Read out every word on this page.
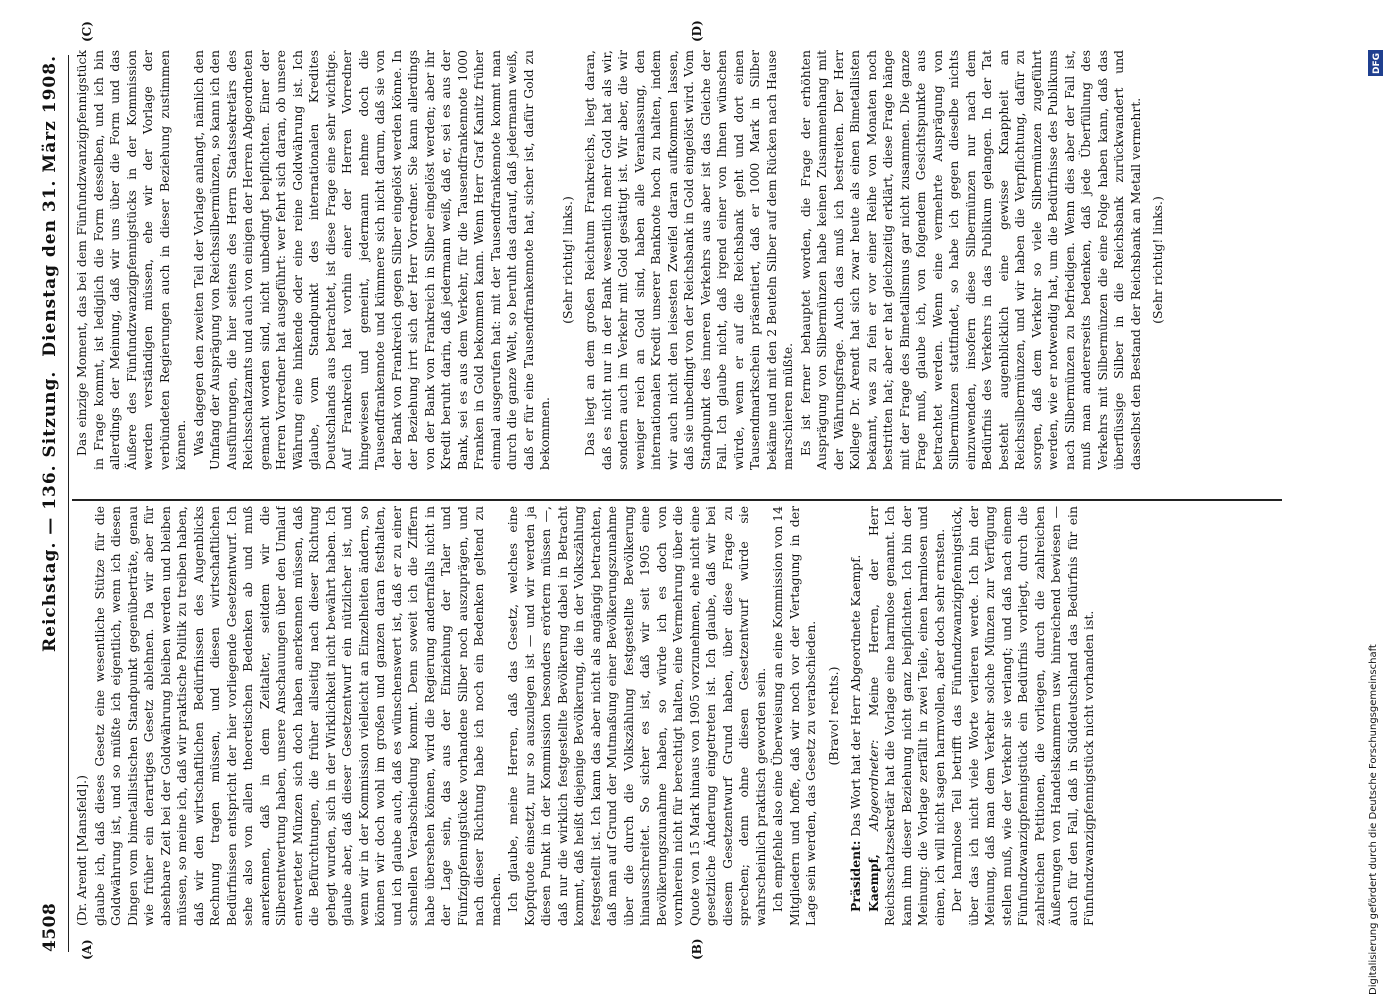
4508
Reichstag. — 136. Sitzung.
Dienstag den 31. März 1908.
(A)	(B)
(C)	(D)

(Dr. Arendt [Mansfeld].) glaube ich, daß dieses Gesetz eine wesentliche Stütze für die Goldwährung ist, und so müßte ich eigentlich, wenn ich diesen Dingen vom bimetallistischen Standpunkt gegenüberträte, genau wie früher ein derartiges Gesetz ablehnen. Da wir aber für absehbare Zeit bei der Goldwährung bleiben werden und bleiben müssen, so meine ich, daß wir praktische Politik zu treiben haben, daß wir den wirtschaftlichen Bedürfnissen des Augenblicks Rechnung tragen müssen, und diesen wirtschaftlichen Bedürfnissen entspricht der hier vorliegende Gesetzentwurf. Ich sehe also von allen theoretischen Bedenken ab und muß anerkennen, daß in dem Zeitalter, seitdem wir die Silberentwertung haben, unsere Anschauungen über den Umlauf entwerteter Münzen sich doch haben anerkennen müssen, daß die Befürchtungen, die früher allseitig nach dieser Richtung gehegt wurden, sich in der Wirklichkeit nicht bewährt haben. Ich glaube aber, daß dieser Gesetzentwurf ein nützlicher ist, und wenn wir in der Kommission vielleicht an Einzelheiten ändern, so können wir doch wohl im großen und ganzen daran festhalten, und ich glaube auch, daß es wünschenswert ist, daß er zu einer schnellen Verabschiedung kommt. Denn soweit ich die Ziffern habe übersehen können, wird die Regierung andernfalls nicht in der Lage sein, das aus der Einziehung der Taler und Fünfzigpfennigstücke vorhandene Silber noch auszuprägen, und nach dieser Richtung habe ich noch ein Bedenken geltend zu machen. Ich glaube, meine Herren, daß das Gesetz, welches eine Kopfquote einsetzt, nur so auszulegen ist — und wir werden ja diesen Punkt in der Kommission besonders erörtern müssen —, daß nur die wirklich festgestellte Bevölkerung dabei in Betracht kommt, daß heißt diejenige Bevölkerung, die in der Volkszählung festgestellt ist. Ich kann das aber nicht als angängig betrachten, daß man auf Grund der Mutmaßung einer Bevölkerungszunahme über die durch die Volkszählung festgestellte Bevölkerung hinausschreitet. So sicher es ist, daß wir seit 1905 eine Bevölkerungszunahme haben, so würde ich es doch von vornherein nicht für berechtigt halten, eine Vermehrung über die Quote von 15 Mark hinaus von 1905 vorzunehmen, ehe nicht eine gesetzliche Änderung eingetreten ist. Ich glaube, daß wir bei diesem Gesetzentwurf Grund haben, über diese Frage zu sprechen; denn ohne diesen Gesetzentwurf würde sie wahrscheinlich praktisch geworden sein. Ich empfehle also eine Überweisung an eine Kommission von 14 Mitgliedern und hoffe, daß wir noch vor der Vertagung in der Lage sein werden, das Gesetz zu verabschieden. (Bravo! rechts.)

Präsident: Das Wort hat der Herr Abgeordnete Kaempf.

Kaempf, Abgeordneter: Meine Herren, der Herr Reichsschatzsekretär hat die Vorlage eine harmlose genannt. Ich kann ihm dieser Beziehung nicht ganz beipflichten. Ich bin der Meinung: die Vorlage zerfällt in zwei Teile, einen harmlosen und einen, ich will nicht sagen harmvollen, aber doch sehr ernsten. Der harmlose Teil betrifft das Fünfundzwanzigpfennigstück, über das ich nicht viele Worte verlieren werde. Ich bin der Meinung, daß man dem Verkehr solche Münzen zur Verfügung stellen muß, wie der Verkehr sie verlangt; und daß nach einem Fünfundzwanzigpfennigstück ein Bedürfnis vorliegt, durch die zahlreichen Petitionen, die vorliegen, durch die zahlreichen Äußerungen von Handelskammern usw. hinreichend bewiesen — auch für den Fall, daß in Süddeutschland das Bedürfnis für ein Fünfundzwanzigpfennigstück nicht vorhanden ist.

Das einzige Moment, das bei dem Fünfundzwanzigpfennigstück in Frage kommt, ist lediglich die Form desselben, und ich bin allerdings der Meinung, daß wir uns über die Form und das Äußere des Fünfundzwanzigpfennigstücks in der Kommission werden verständigen müssen, ehe wir der Vorlage der verbündeten Regierungen auch in dieser Beziehung zustimmen können. Was dagegen den zweiten Teil der Vorlage anlangt, nämlich den Umfang der Ausprägung von Reichssilbermünzen, so kann ich den Ausführungen, die hier seitens des Herrn Staatssekretärs des Reichsschatzamts und auch von einigen der Herren Abgeordneten gemacht worden sind, nicht unbedingt beipflichten. Einer der Herren Vorredner hat ausgeführt: wer fehrt sich daran, ob unsere Währung eine hinkende oder eine reine Goldwährung ist. Ich glaube, vom Standpunkt des internationalen Kredites Deutschlands aus betrachtet, ist diese Frage eine sehr wichtige. Auf Frankreich hat vorhin einer der Herren Vorredner hingewiesen und gemeint, jedermann nehme doch die Tausendfrankennote und kümmere sich nicht darum, daß sie von der Bank von Frankreich gegen Silber eingelöst werden könne. In der Beziehung irrt sich der Herr Vorredner. Sie kann allerdings von der Bank von Frankreich in Silber eingelöst werden; aber ihr Kredit beruht darin, daß jedermann weiß, daß er, sei es aus der Bank, sei es aus dem Verkehr, für die Tausendfrankennote 1000 Franken in Gold bekommen kann. Wenn Herr Graf Kanitz früher einmal ausgerufen hat: mit der Tausendfrankennote kommt man durch die ganze Welt, so beruht das darauf, daß jedermann weiß, daß er für eine Tausendfrankennote hat, sicher ist, dafür Gold zu bekommen.

(Sehr richtig! links.) Das liegt an dem großen Reichtum Frankreichs, liegt daran, daß es nicht nur in der Bank wesentlich mehr Gold hat als wir, sondern auch im Verkehr mit Gold gesättigt ist. Wir aber, die wir weniger reich an Gold sind, haben alle Veranlassung, den internationalen Kredit unserer Banknote hoch zu halten, indem wir auch nicht den leisesten Zweifel daran aufkommen lassen, daß sie unbedingt von der Reichsbank in Gold eingelöst wird. Vom Standpunkt des inneren Verkehrs aus aber ist das Gleiche der Fall. Ich glaube nicht, daß irgend einer von Ihnen wünschen würde, wenn er auf die Reichsbank geht und dort einen Tausendmarkschein präsentiert, daß er 1000 Mark in Silber bekäme und mit den 2 Beuteln Silber auf dem Rücken nach Hause marschieren müßte. Es ist ferner behauptet worden, die Frage der erhöhten Ausprägung von Silbermünzen habe keinen Zusammenhang mit der Währungsfrage. Auch das muß ich bestreiten. Der Herr Kollege Dr. Arendt hat sich zwar heute als einen Bimetallisten bekannt, was zu fein er vor einer Reihe von Monaten noch bestritten hat; aber er hat gleichzeitig erklärt, diese Frage hänge mit der Frage des Bimetallismus gar nicht zusammen. Die ganze Frage muß, glaube ich, von folgendem Gesichtspunkte aus betrachtet werden. Wenn eine vermehrte Ausprägung von Silbermünzen stattfindet, so habe ich gegen dieselbe nichts einzuwenden, insofern diese Silbermünzen nur nach dem Bedürfnis des Verkehrs in das Publikum gelangen. In der Tat besteht augenblicklich eine gewisse Knappheit an Reichssilbermünzen, und wir haben die Verpflichtung, dafür zu sorgen, daß dem Verkehr so viele Silbermünzen zugeführt werden, wie er notwendig hat, um die Bedürfnisse des Publikums nach Silbermünzen zu befriedigen. Wenn dies aber der Fall ist, muß man andererseits bedenken, daß jede Überfüllung des Verkehrs mit Silbermünzen die eine Folge haben kann, daß das überflüssige Silber in die Reichsbank zurückwandert und dasselbst den Bestand der Reichsbank an Metall vermehrt. (Sehr richtig! links.)

DFG
Digitalisierung gefördert durch die Deutsche Forschungsgemeinschaft
